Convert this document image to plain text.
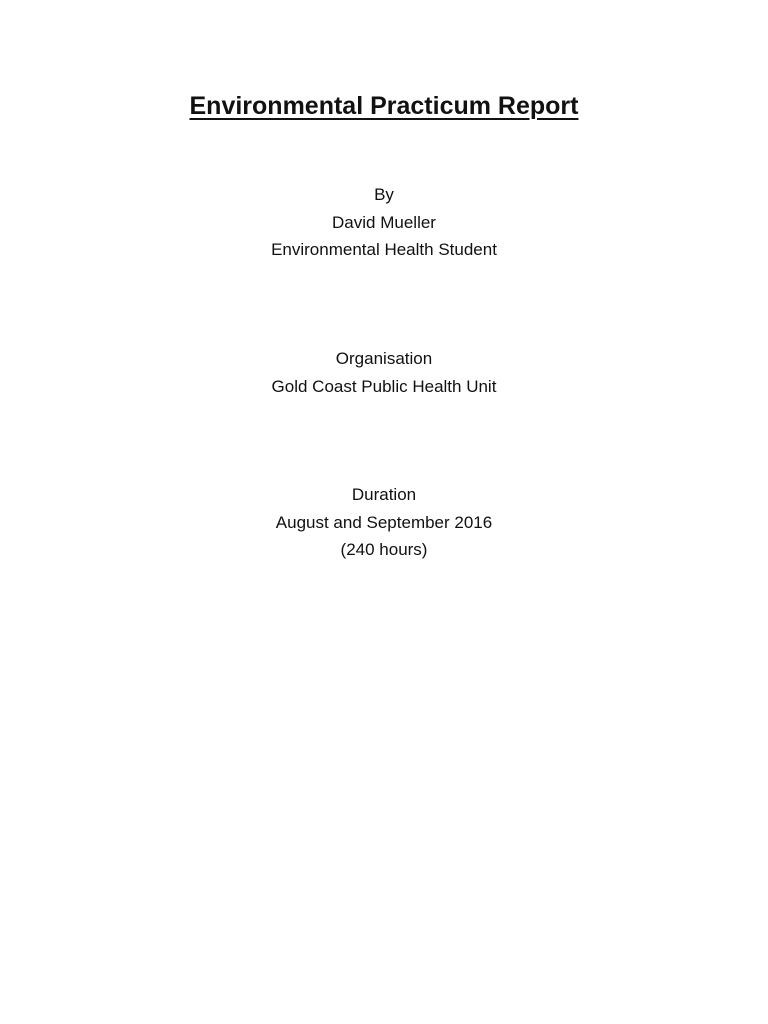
Environmental Practicum Report
By
David Mueller
Environmental Health Student
Organisation
Gold Coast Public Health Unit
Duration
August and September 2016
(240 hours)
